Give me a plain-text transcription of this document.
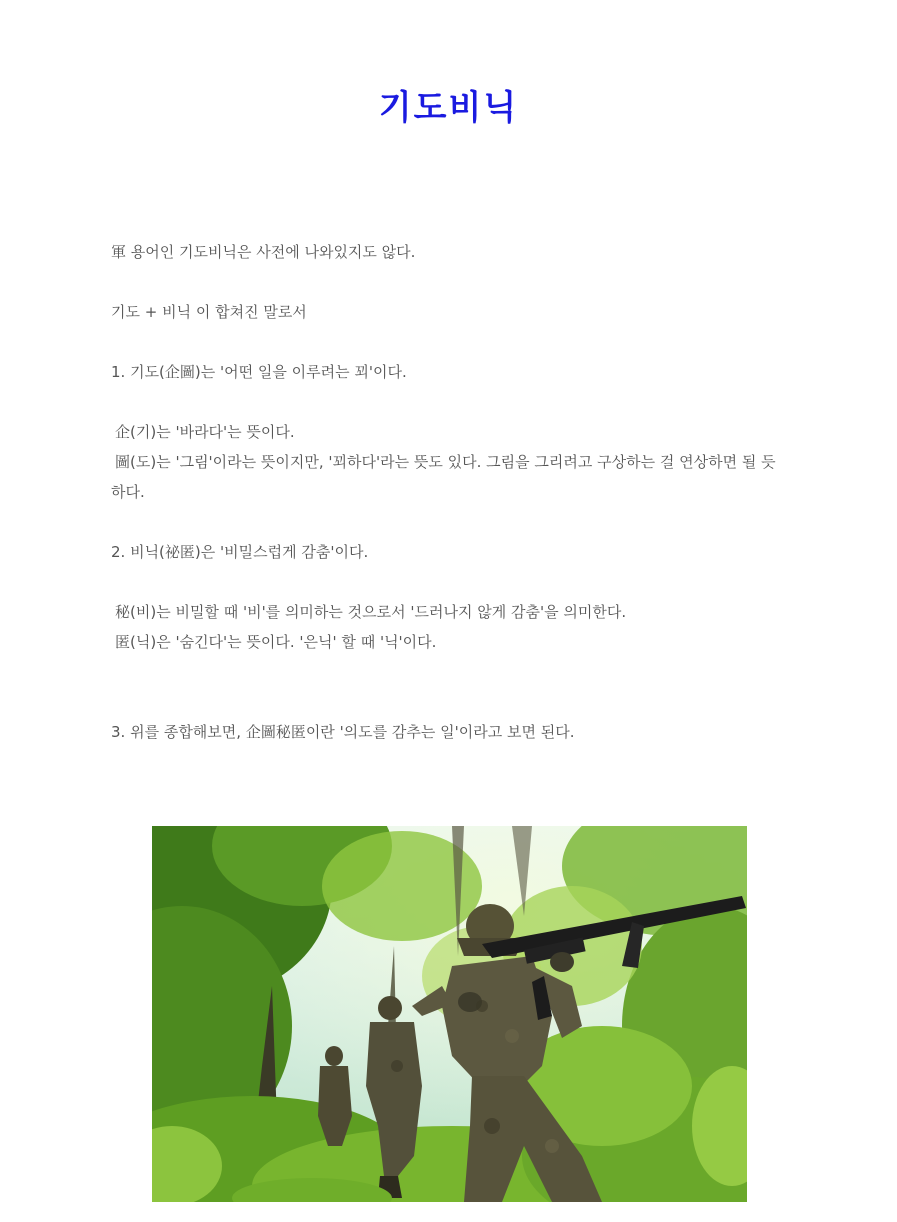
기도비닉
軍 용어인 기도비닉은 사전에 나와있지도 않다.
기도 + 비닉 이 합쳐진 말로서
1. 기도(企圖)는 '어떤 일을 이루려는 꾀'이다.
企(기)는 '바라다'는 뜻이다.
圖(도)는 '그림'이라는 뜻이지만, '꾀하다'라는 뜻도 있다. 그림을 그리려고 구상하는 걸 연상하면 될 듯
하다.
2. 비닉(祕匿)은 '비밀스럽게 감춤'이다.
秘(비)는 비밀할 때 '비'를 의미하는 것으로서 '드러나지 않게 감춤'을 의미한다.
匿(닉)은 '숨긴다'는 뜻이다. '은닉' 할 때 '닉'이다.
3. 위를 종합해보면, 企圖秘匿이란 '의도를 감추는 일'이라고 보면 된다.
